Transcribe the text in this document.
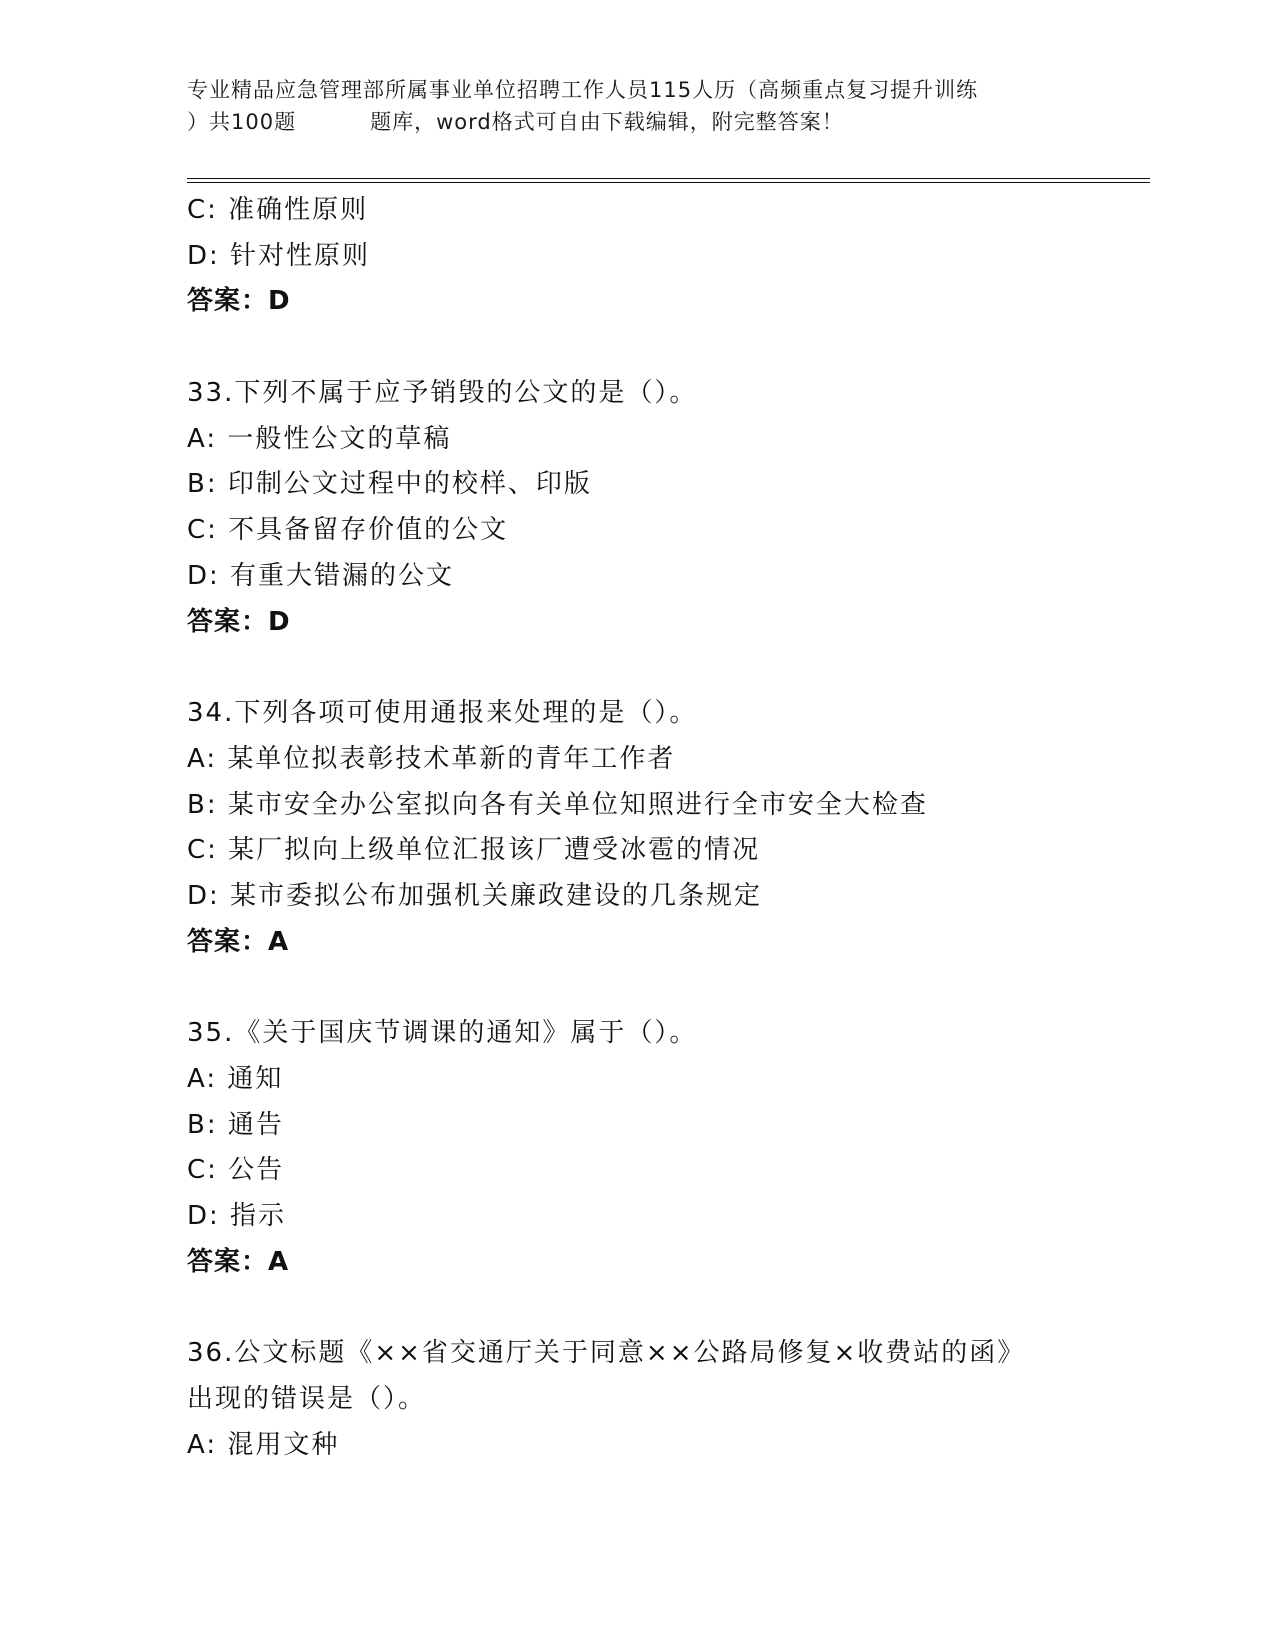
专业精品应急管理部所属事业单位招聘工作人员115人历（高频重点复习提升训练
）共100题	题库，word格式可自由下载编辑，附完整答案！
C: 准确性原则
D: 针对性原则
答案：D
33.下列不属于应予销毁的公文的是（）。
A: 一般性公文的草稿
B: 印制公文过程中的校样、印版
C: 不具备留存价值的公文
D: 有重大错漏的公文
答案：D
34.下列各项可使用通报来处理的是（）。
A: 某单位拟表彰技术革新的青年工作者
B: 某市安全办公室拟向各有关单位知照进行全市安全大检查
C: 某厂拟向上级单位汇报该厂遭受冰雹的情况
D: 某市委拟公布加强机关廉政建设的几条规定
答案：A
35.《关于国庆节调课的通知》属于（）。
A: 通知
B: 通告
C: 公告
D: 指示
答案：A
36.公文标题《××省交通厅关于同意××公路局修复×收费站的函》
出现的错误是（）。
A: 混用文种
